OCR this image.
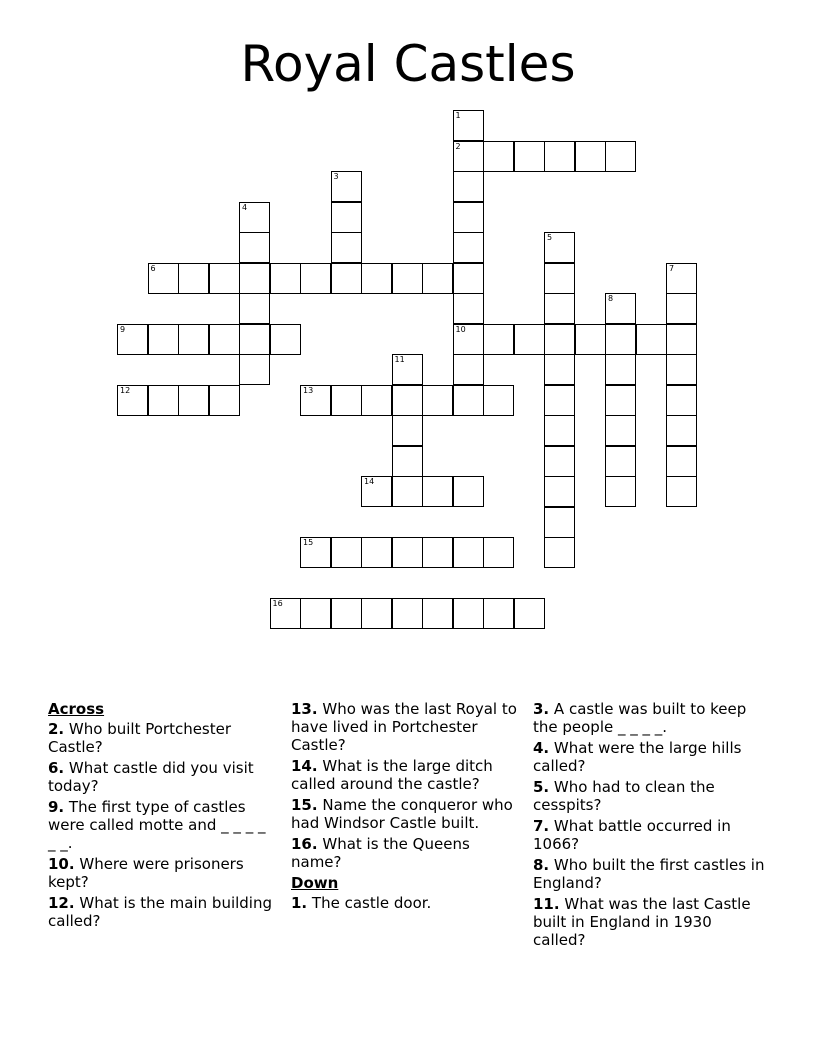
Royal Castles
1
2
10
3
4
5
6	7
8
9
11
12	13
14
15
16
Across
2. Who built Portchester Castle?
6. What castle did you visit today?
9. The first type of castles were called motte and _ _ _ _ _ _.
10. Where were prisoners kept?
12. What is the main building called?
13. Who was the last Royal to have lived in Portchester Castle?
14. What is the large ditch called around the castle?
15. Name the conqueror who had Windsor Castle built.
16. What is the Queens name?
Down
1. The castle door.
3. A castle was built to keep the people _ _ _ _.
4. What were the large hills called?
5. Who had to clean the cesspits?
7. What battle occurred in 1066?
8. Who built the first castles in England?
11. What was the last Castle built in England in 1930 called?
